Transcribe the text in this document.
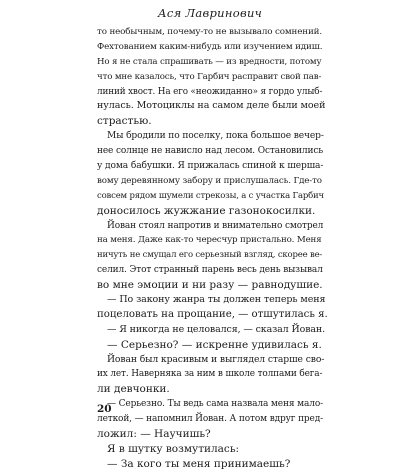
Ася Лавринович
то необычным, почему-то не вызывало сомнений.
Фехтованием каким-нибудь или изучением идиш.
Но я не стала спрашивать — из вредности, потому
что мне казалось, что Гарбич расправит свой пав-
линий хвост. На его «неожиданно» я гордо улыб-
нулась. Мотоциклы на самом деле были моей
страстью.
Мы бродили по поселку, пока большое вечер-
нее солнце не нависло над лесом. Остановились
у дома бабушки. Я прижалась спиной к шерша-
вому деревянному забору и прислушалась. Где-то
совсем рядом шумели стрекозы, а с участка Гарбич
доносилось жужжание газонокосилки.
Йован стоял напротив и внимательно смотрел
на меня. Даже как-то чересчур пристально. Меня
ничуть не смущал его серьезный взгляд, скорее ве-
селил. Этот странный парень весь день вызывал
во мне эмоции и ни разу — равнодушие.
— По закону жанра ты должен теперь меня
поцеловать на прощание, — отшутилась я.
— Я никогда не целовался, — сказал Йован.
— Серьезно? — искренне удивилась я.
Йован был красивым и выглядел старше сво-
их лет. Наверняка за ним в школе толпами бега-
ли девчонки.
— Серьезно. Ты ведь сама назвала меня мало-
леткой, — напомнил Йован. А потом вдруг пред-
ложил: — Научишь?
Я в шутку возмутилась:
— За кого ты меня принимаешь?
20
